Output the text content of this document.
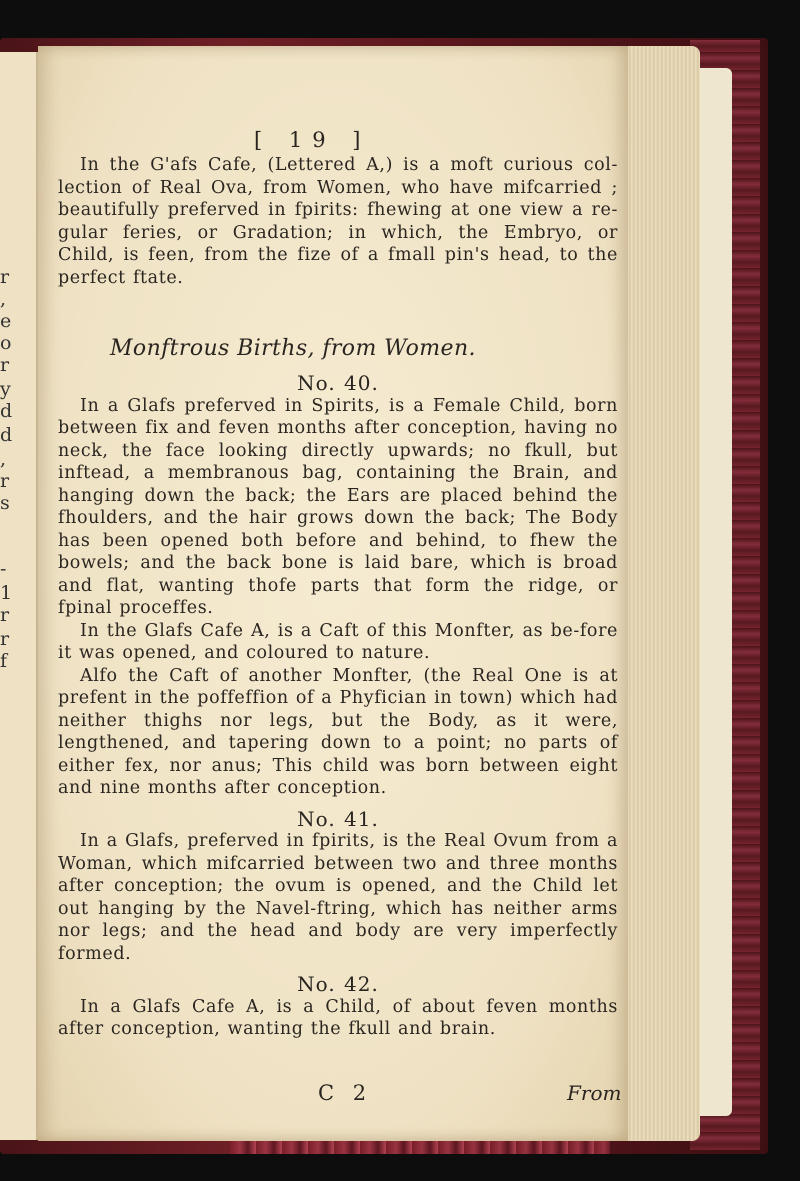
r
,
e
o
r
y
d
d
,
r
s
-
1
r
r
f
[ 19 ]

In the G'afs Cafe, (Lettered A,) is a moft curious col-lection of Real Ova, from Women, who have mifcarried ; beautifully preferved in fpirits: fhewing at one view a re-gular feries, or Gradation; in which, the Embryo, or Child, is feen, from the fize of a fmall pin's head, to the perfect ftate.

Monftrous Births, from Women.

No. 40.

In a Glafs preferved in Spirits, is a Female Child, born between fix and feven months after conception, having no neck, the face looking directly upwards; no fkull, but inftead, a membranous bag, containing the Brain, and hanging down the back; the Ears are placed behind the fhoulders, and the hair grows down the back; The Body has been opened both before and behind, to fhew the bowels; and the back bone is laid bare, which is broad and flat, wanting thofe parts that form the ridge, or fpinal proceffes.

In the Glafs Cafe A, is a Caft of this Monfter, as be-fore it was opened, and coloured to nature.

Alfo the Caft of another Monfter, (the Real One is at prefent in the poffeffion of a Phyfician in town) which had neither thighs nor legs, but the Body, as it were, lengthened, and tapering down to a point; no parts of either fex, nor anus; This child was born between eight and nine months after conception.

No. 41.

In a Glafs, preferved in fpirits, is the Real Ovum from a Woman, which mifcarried between two and three months after conception; the ovum is opened, and the Child let out hanging by the Navel-ftring, which has neither arms nor legs; and the head and body are very imperfectly formed.

No. 42.

In a Glafs Cafe A, is a Child, of about feven months after conception, wanting the fkull and brain.

C 2	From
